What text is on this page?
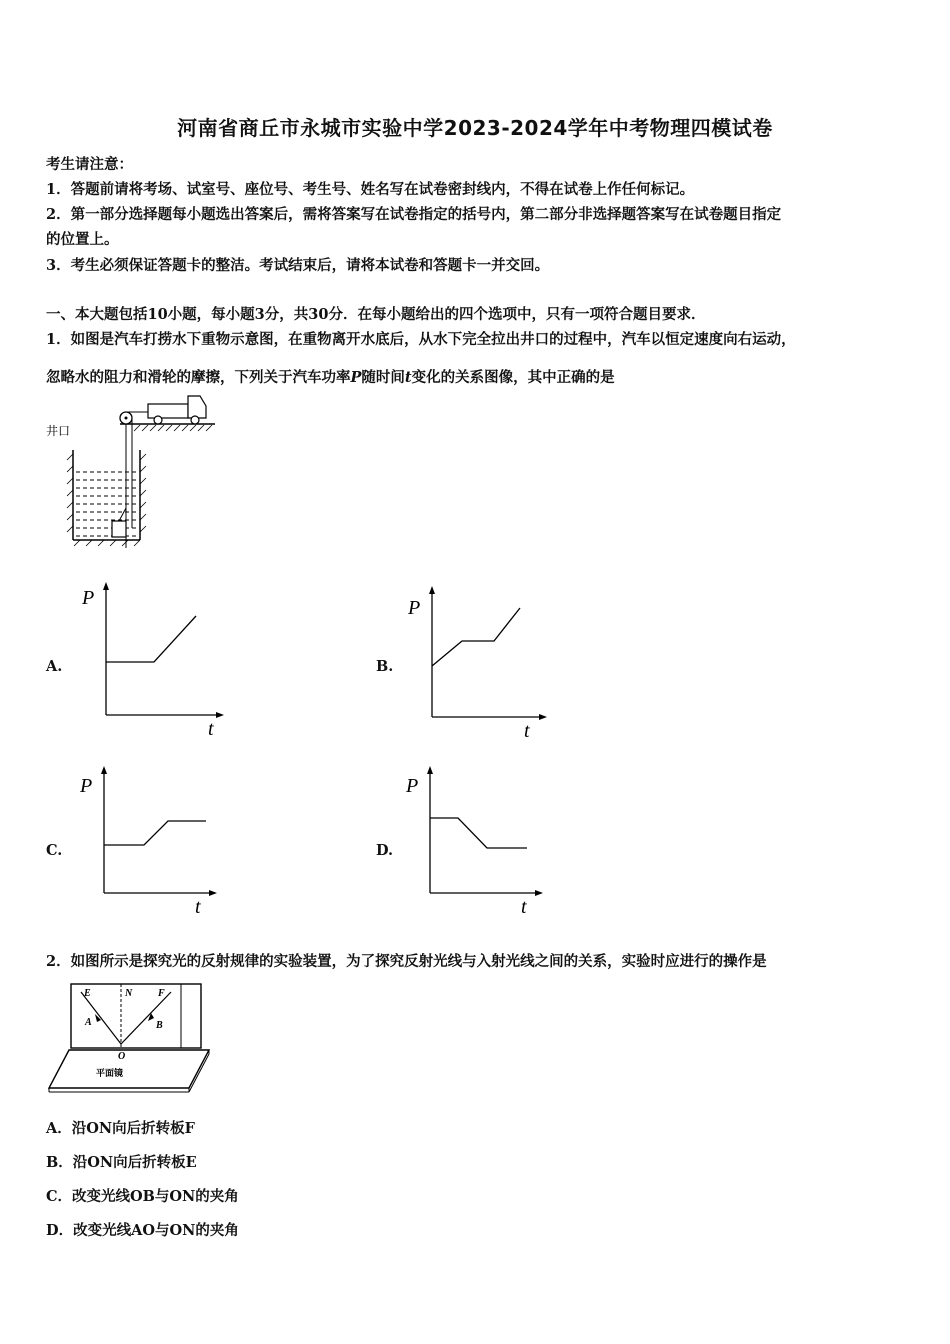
河南省商丘市永城市实验中学2023-2024学年中考物理四模试卷
考生请注意：
1．答题前请将考场、试室号、座位号、考生号、姓名写在试卷密封线内，不得在试卷上作任何标记。
2．第一部分选择题每小题选出答案后，需将答案写在试卷指定的括号内，第二部分非选择题答案写在试卷题目指定
的位置上。
3．考生必须保证答题卡的整洁。考试结束后，请将本试卷和答题卡一并交回。
一、本大题包括10小题，每小题3分，共30分．在每小题给出的四个选项中，只有一项符合题目要求．
1．如图是汽车打捞水下重物示意图，在重物离开水底后，从水下完全拉出井口的过程中，汽车以恒定速度向右运动，
忽略水的阻力和滑轮的摩擦，下列关于汽车功率P随时间t变化的关系图像，其中正确的是
井口
A.
P
t
B.
P
t
C.
P
t
D.
P
t
2．如图所示是探究光的反射规律的实验装置，为了探究反射光线与入射光线之间的关系，实验时应进行的操作是
E	N	F
A	B
O
平面镜
A．沿ON向后折转板F
B．沿ON向后折转板E
C．改变光线OB与ON的夹角
D．改变光线AO与ON的夹角
